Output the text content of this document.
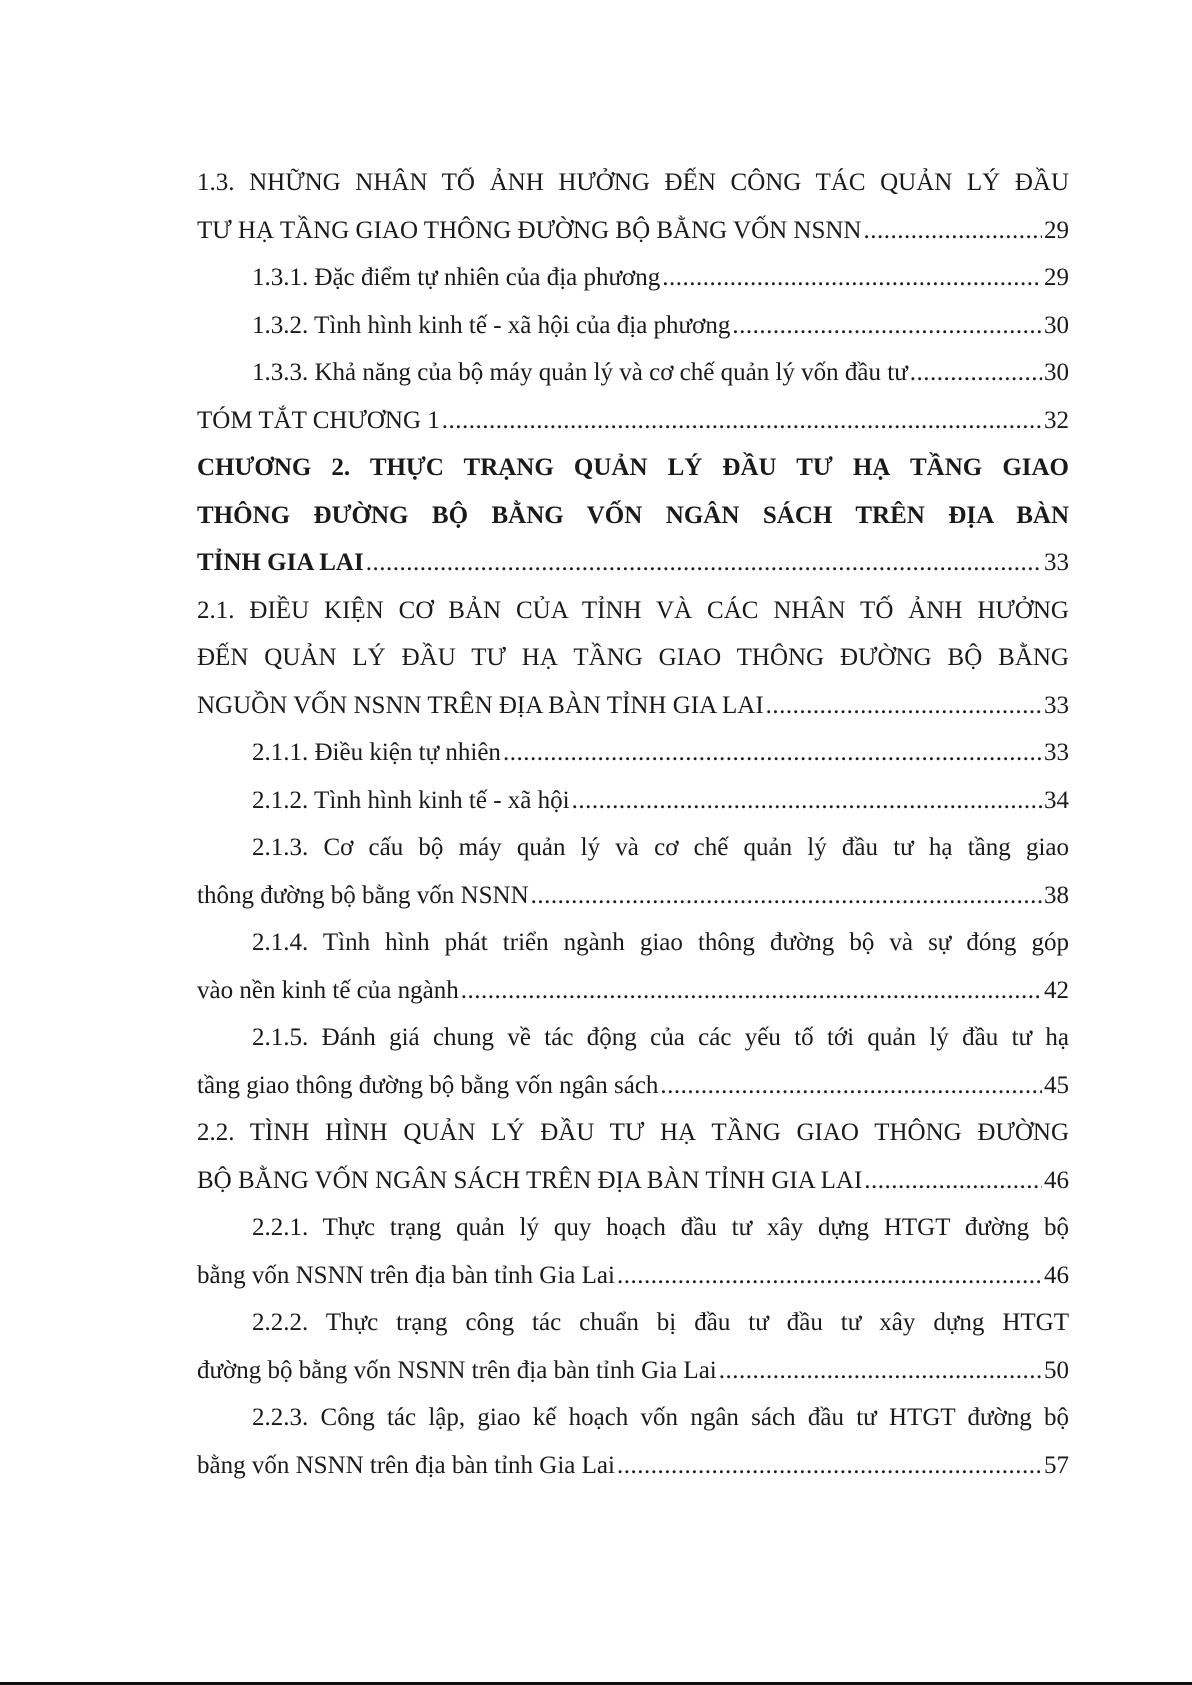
1.3. NHỮNG NHÂN TỐ ẢNH HƯỞNG ĐẾN CÔNG TÁC QUẢN LÝ ĐẦU
TƯ HẠ TẦNG GIAO THÔNG ĐƯỜNG BỘ BẰNG VỐN NSNN .....	29
1.3.1. Đặc điểm tự nhiên của địa phương .....	29
1.3.2. Tình hình kinh tế - xã hội của địa phương .....	30
1.3.3. Khả năng của bộ máy quản lý và cơ chế quản lý vốn đầu tư .....	30
TÓM TẮT CHƯƠNG 1 .....	32
CHƯƠNG 2. THỰC TRẠNG QUẢN LÝ ĐẦU TƯ HẠ TẦNG GIAO
THÔNG ĐƯỜNG BỘ BẰNG VỐN NGÂN SÁCH TRÊN ĐỊA BÀN
TỈNH GIA LAI .....	33
2.1. ĐIỀU KIỆN CƠ BẢN CỦA TỈNH VÀ CÁC NHÂN TỐ ẢNH HƯỞNG
ĐẾN QUẢN LÝ ĐẦU TƯ HẠ TẦNG GIAO THÔNG ĐƯỜNG BỘ BẰNG
NGUỒN VỐN NSNN TRÊN ĐỊA BÀN TỈNH GIA LAI .....	33
2.1.1. Điều kiện tự nhiên .....	33
2.1.2. Tình hình kinh tế - xã hội .....	34
2.1.3. Cơ cấu bộ máy quản lý và cơ chế quản lý đầu tư hạ tầng giao
thông đường bộ bằng vốn NSNN .....	38
2.1.4. Tình hình phát triển ngành giao thông đường bộ và sự đóng góp
vào nền kinh tế của ngành .....	42
2.1.5. Đánh giá chung về tác động của các yếu tố tới quản lý đầu tư hạ
tầng giao thông đường bộ bằng vốn ngân sách .....	45
2.2. TÌNH HÌNH QUẢN LÝ ĐẦU TƯ HẠ TẦNG GIAO THÔNG ĐƯỜNG
BỘ BẰNG VỐN NGÂN SÁCH TRÊN ĐỊA BÀN TỈNH GIA LAI .....	46
2.2.1. Thực trạng quản lý quy hoạch đầu tư xây dựng HTGT đường bộ
bằng vốn NSNN trên địa bàn tỉnh Gia Lai .....	46
2.2.2. Thực trạng công tác chuẩn bị đầu tư đầu tư xây dựng HTGT
đường bộ bằng vốn NSNN trên địa bàn tỉnh Gia Lai .....	50
2.2.3. Công tác lập, giao kế hoạch vốn ngân sách đầu tư HTGT đường bộ
bằng vốn NSNN trên địa bàn tỉnh Gia Lai .....	57
